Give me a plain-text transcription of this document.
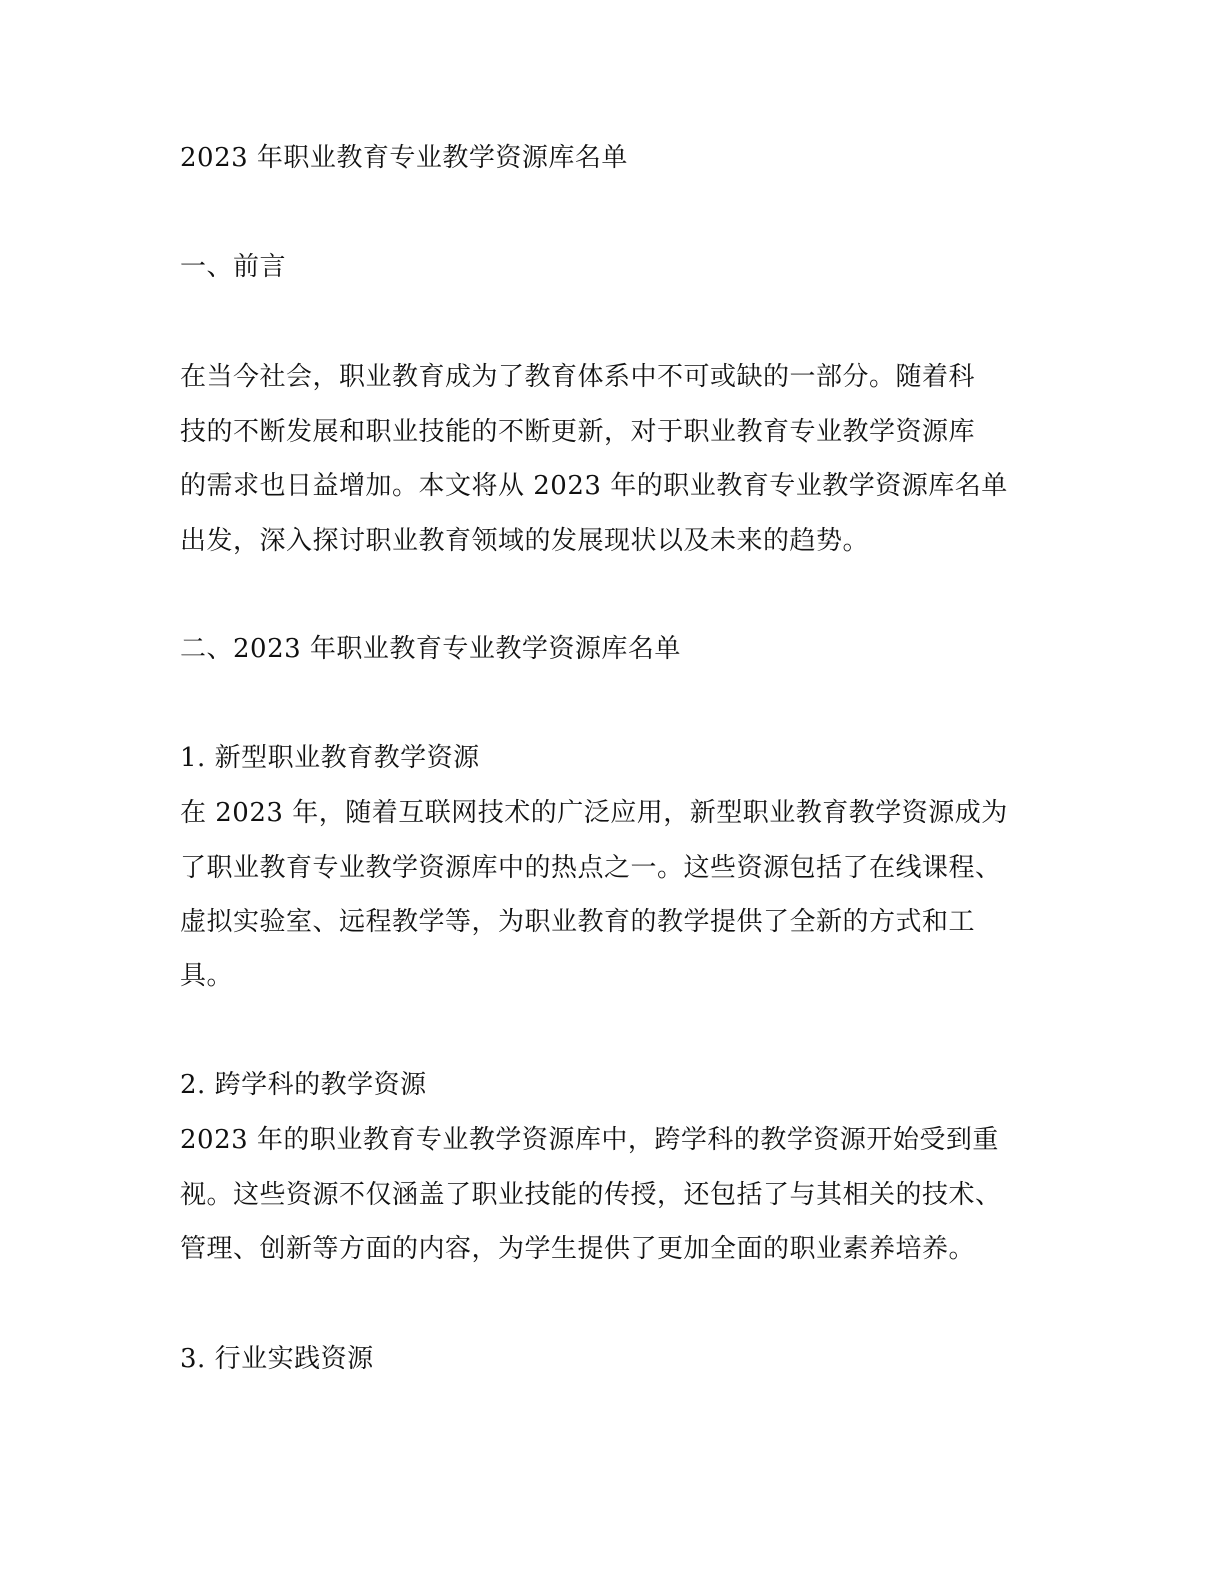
2023 年职业教育专业教学资源库名单
一、前言
在当今社会，职业教育成为了教育体系中不可或缺的一部分。随着科
技的不断发展和职业技能的不断更新，对于职业教育专业教学资源库
的需求也日益增加。本文将从 2023 年的职业教育专业教学资源库名单
出发，深入探讨职业教育领域的发展现状以及未来的趋势。
二、2023 年职业教育专业教学资源库名单
1. 新型职业教育教学资源
在 2023 年，随着互联网技术的广泛应用，新型职业教育教学资源成为
了职业教育专业教学资源库中的热点之一。这些资源包括了在线课程、
虚拟实验室、远程教学等，为职业教育的教学提供了全新的方式和工
具。
2. 跨学科的教学资源
2023 年的职业教育专业教学资源库中，跨学科的教学资源开始受到重
视。这些资源不仅涵盖了职业技能的传授，还包括了与其相关的技术、
管理、创新等方面的内容，为学生提供了更加全面的职业素养培养。
3. 行业实践资源
